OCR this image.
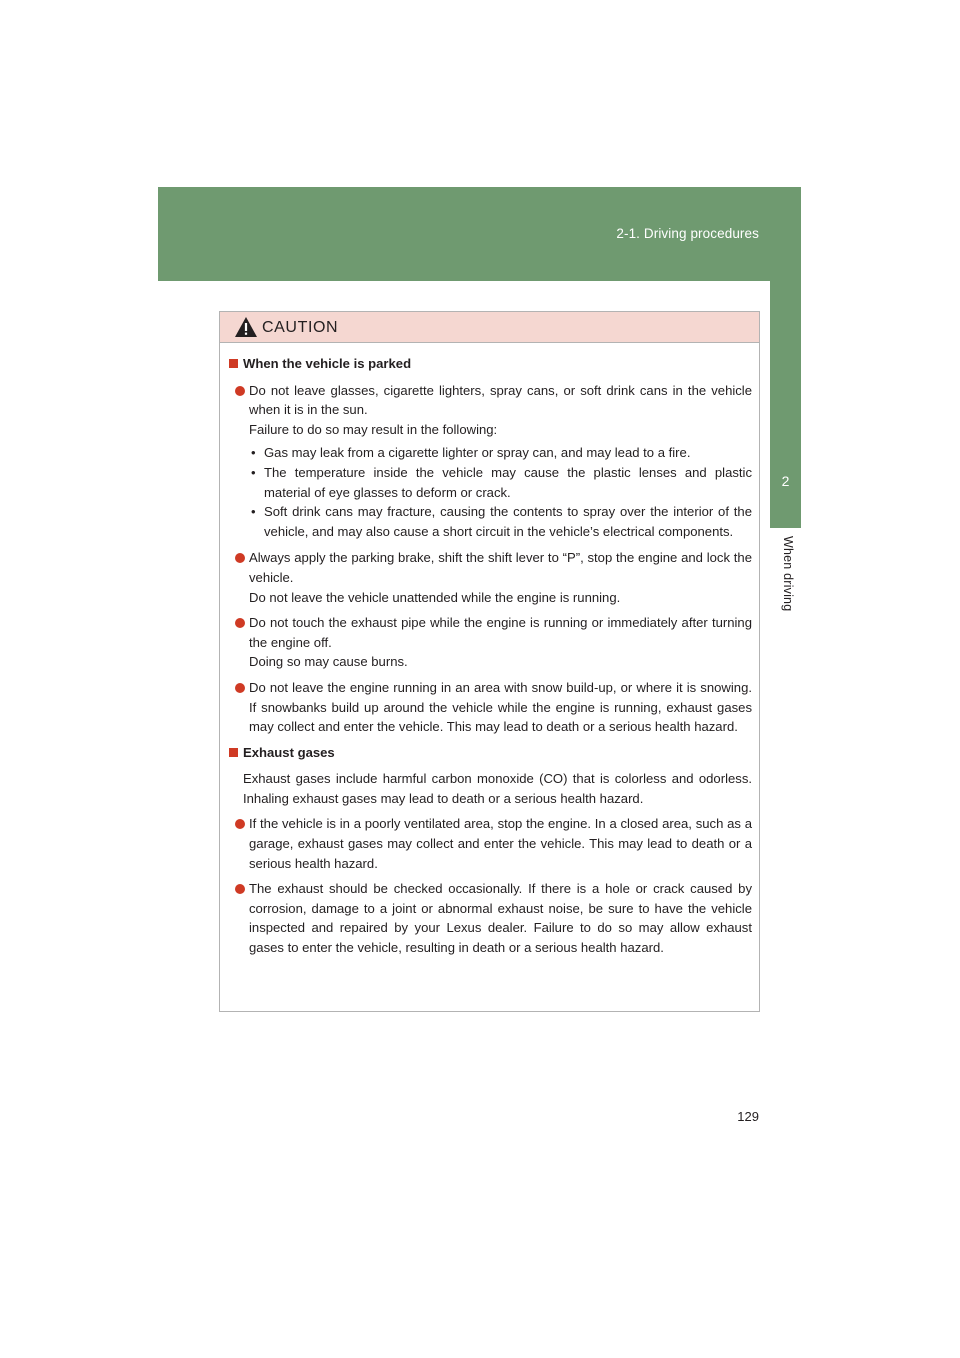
2-1. Driving procedures
2
When driving
CAUTION
When the vehicle is parked
Do not leave glasses, cigarette lighters, spray cans, or soft drink cans in the vehicle when it is in the sun.
Failure to do so may result in the following:
• Gas may leak from a cigarette lighter or spray can, and may lead to a fire.
• The temperature inside the vehicle may cause the plastic lenses and plastic material of eye glasses to deform or crack.
• Soft drink cans may fracture, causing the contents to spray over the interior of the vehicle, and may also cause a short circuit in the vehicle’s electrical components.
Always apply the parking brake, shift the shift lever to “P”, stop the engine and lock the vehicle.
Do not leave the vehicle unattended while the engine is running.
Do not touch the exhaust pipe while the engine is running or immediately after turning the engine off.
Doing so may cause burns.
Do not leave the engine running in an area with snow build-up, or where it is snowing. If snowbanks build up around the vehicle while the engine is running, exhaust gases may collect and enter the vehicle. This may lead to death or a serious health hazard.
Exhaust gases
Exhaust gases include harmful carbon monoxide (CO) that is colorless and odorless. Inhaling exhaust gases may lead to death or a serious health hazard.
If the vehicle is in a poorly ventilated area, stop the engine. In a closed area, such as a garage, exhaust gases may collect and enter the vehicle. This may lead to death or a serious health hazard.
The exhaust should be checked occasionally. If there is a hole or crack caused by corrosion, damage to a joint or abnormal exhaust noise, be sure to have the vehicle inspected and repaired by your Lexus dealer. Failure to do so may allow exhaust gases to enter the vehicle, resulting in death or a serious health hazard.
129
